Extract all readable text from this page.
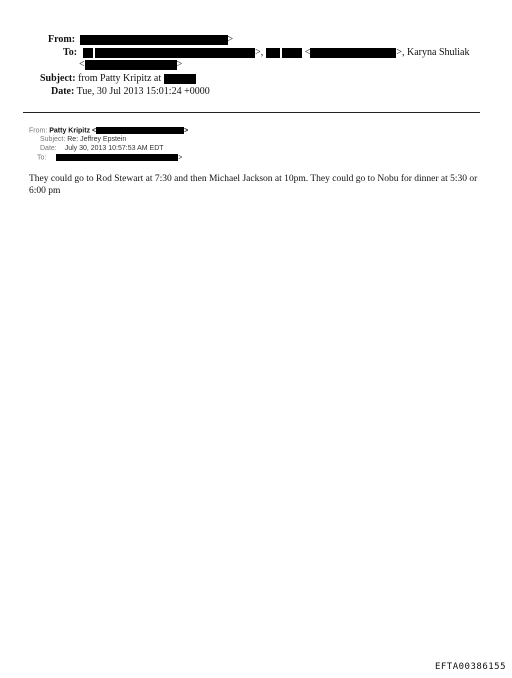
From:	>
To:	>,	<	>, Karyna Shuliak
<	>
Subject: from Patty Kripitz at
Date: Tue, 30 Jul 2013 15:01:24 +0000
From: Patty Kripitz <	>
Subject: Re: Jeffrey Epstein
Date: July 30, 2013 10:57:53 AM EDT
To:	>
They could go to Rod Stewart at 7:30 and then Michael Jackson at 10pm. They could go to Nobu for dinner at 5:30 or 6:00 pm
EFTA00386155
